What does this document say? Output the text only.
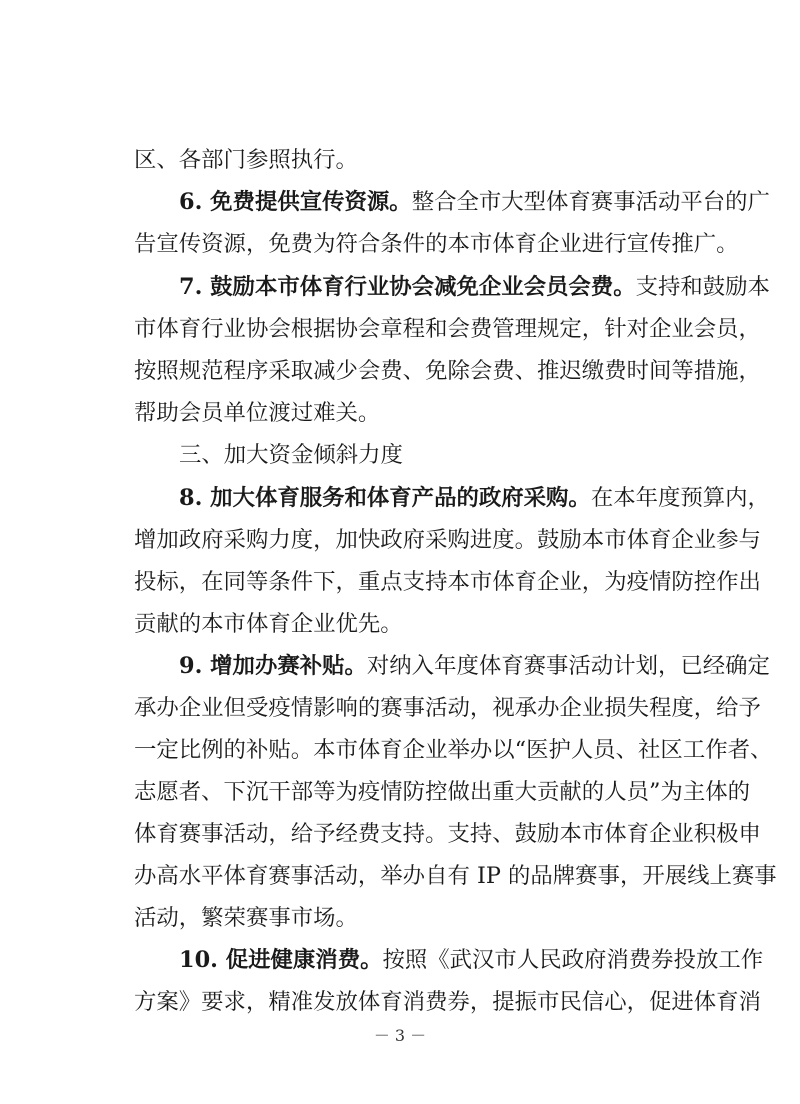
区、各部门参照执行。
6. 免费提供宣传资源。整合全市大型体育赛事活动平台的广
告宣传资源，免费为符合条件的本市体育企业进行宣传推广。
7. 鼓励本市体育行业协会减免企业会员会费。支持和鼓励本
市体育行业协会根据协会章程和会费管理规定，针对企业会员，
按照规范程序采取减少会费、免除会费、推迟缴费时间等措施，
帮助会员单位渡过难关。
三、加大资金倾斜力度
8. 加大体育服务和体育产品的政府采购。在本年度预算内，
增加政府采购力度，加快政府采购进度。鼓励本市体育企业参与
投标，在同等条件下，重点支持本市体育企业，为疫情防控作出
贡献的本市体育企业优先。
9. 增加办赛补贴。对纳入年度体育赛事活动计划，已经确定
承办企业但受疫情影响的赛事活动，视承办企业损失程度，给予
一定比例的补贴。本市体育企业举办以“医护人员、社区工作者、
志愿者、下沉干部等为疫情防控做出重大贡献的人员”为主体的
体育赛事活动，给予经费支持。支持、鼓励本市体育企业积极申
办高水平体育赛事活动，举办自有 IP 的品牌赛事，开展线上赛事
活动，繁荣赛事市场。
10. 促进健康消费。按照《武汉市人民政府消费券投放工作
方案》要求，精准发放体育消费券，提振市民信心，促进体育消
－ 3 －
